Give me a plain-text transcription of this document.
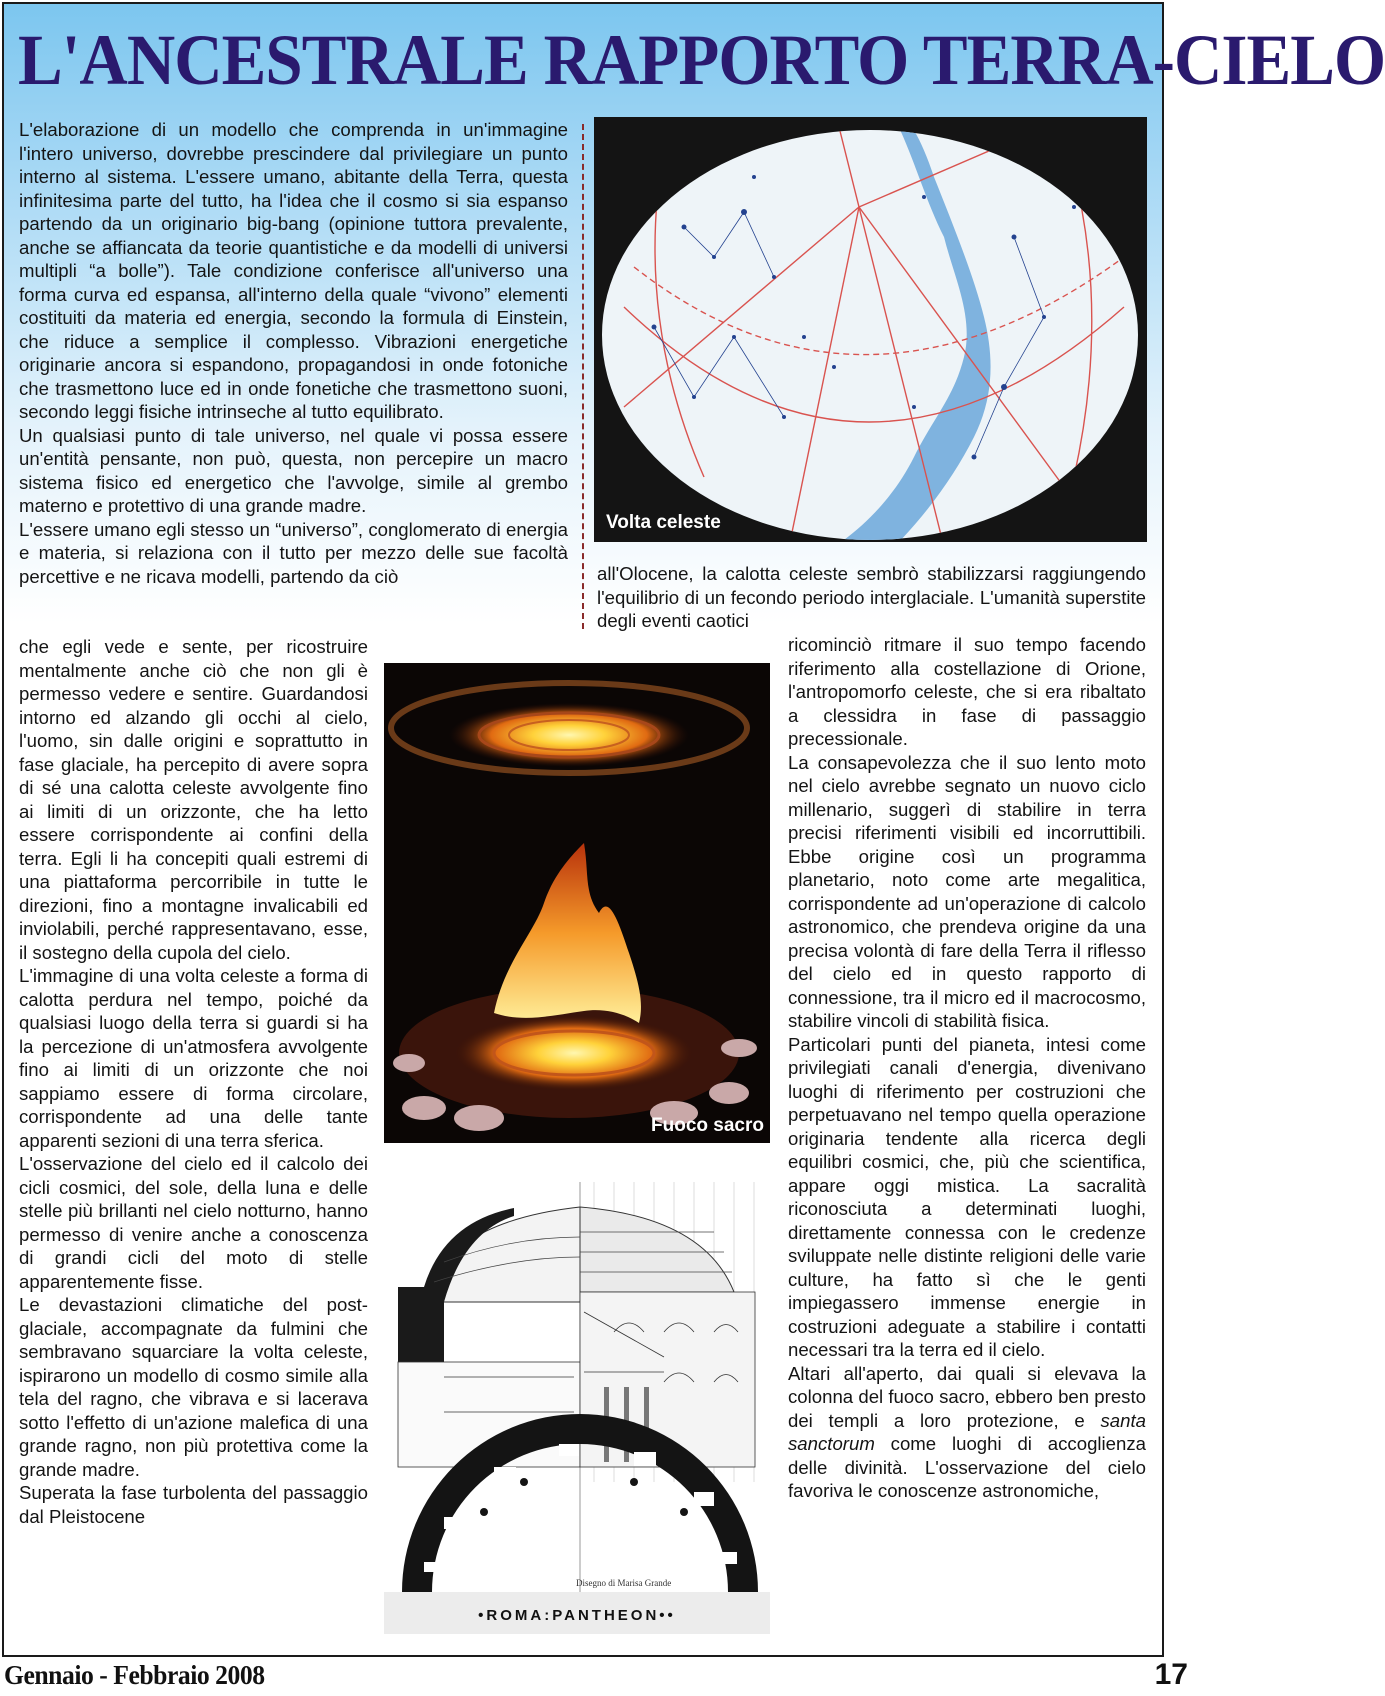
L'ANCESTRALE RAPPORTO TERRA-CIELO

L'elaborazione di un modello che comprenda in un'immagine l'intero universo, dovrebbe prescindere dal privilegiare un punto interno al sistema. L'essere umano, abitante della Terra, questa infinitesima parte del tutto, ha l'idea che il cosmo si sia espanso partendo da un originario big-bang (opinione tuttora prevalente, anche se affiancata da teorie quantistiche e da modelli di universi multipli “a bolle”). Tale condizione conferisce all'universo una forma curva ed espansa, all'interno della quale “vivono” elementi costituiti da materia ed energia, secondo la formula di Einstein, che riduce a semplice il complesso. Vibrazioni energetiche originarie ancora si espandono, propagandosi in onde fotoniche che trasmettono luce ed in onde fonetiche che trasmettono suoni, secondo leggi fisiche intrinseche al tutto equilibrato.

Un qualsiasi punto di tale universo, nel quale vi possa essere un'entità pensante, non può, questa, non percepire un macro sistema fisico ed energetico che l'avvolge, simile al grembo materno e protettivo di una grande madre.

L'essere umano egli stesso un “universo”, conglomerato di energia e materia, si relaziona con il tutto per mezzo delle sue facoltà percettive e ne ricava modelli, partendo da ciò

che egli vede e sente, per ricostruire mentalmente anche ciò che non gli è permesso vedere e sentire. Guardandosi intorno ed alzando gli occhi al cielo, l'uomo, sin dalle origini e soprattutto in fase glaciale, ha percepito di avere sopra di sé una calotta celeste avvolgente fino ai limiti di un orizzonte, che ha letto essere corrispondente ai confini della terra. Egli li ha concepiti quali estremi di una piattaforma percorribile in tutte le direzioni, fino a montagne invalicabili ed inviolabili, perché rappresentavano, esse, il sostegno della cupola del cielo.

L'immagine di una volta celeste a forma di calotta perdura nel tempo, poiché da qualsiasi luogo della terra si guardi si ha la percezione di un'atmosfera avvolgente fino ai limiti di un orizzonte che noi sappiamo essere di forma circolare, corrispondente ad una delle tante apparenti sezioni di una terra sferica.

L'osservazione del cielo ed il calcolo dei cicli cosmici, del sole, della luna e delle stelle più brillanti nel cielo notturno, hanno permesso di venire anche a conoscenza di grandi cicli del moto di stelle apparentemente fisse.

Le devastazioni climatiche del post-glaciale, accompagnate da fulmini che sembravano squarciare la volta celeste, ispirarono un modello di cosmo simile alla tela del ragno, che vibrava e si lacerava sotto l'effetto di un'azione malefica di una grande ragno, non più protettiva come la grande madre.

Superata la fase turbolenta del passaggio dal Pleistocene

Volta celeste

all'Olocene, la calotta celeste sembrò stabilizzarsi raggiungendo l'equilibrio di un fecondo periodo interglaciale. L'umanità superstite degli eventi caotici

Fuoco sacro

ricominciò ritmare il suo tempo facendo riferimento alla costellazione di Orione, l'antropomorfo celeste, che si era ribaltato a clessidra in fase di passaggio precessionale.

La consapevolezza che il suo lento moto nel cielo avrebbe segnato un nuovo ciclo millenario, suggerì di stabilire in terra precisi riferimenti visibili ed incorruttibili. Ebbe origine così un programma planetario, noto come arte megalitica, corrispondente ad un'operazione di calcolo astronomico, che prendeva origine da una precisa volontà di fare della Terra il riflesso del cielo ed in questo rapporto di connessione, tra il micro ed il macrocosmo, stabilire vincoli di stabilità fisica.

Particolari punti del pianeta, intesi come privilegiati canali d'energia, divenivano luoghi di riferimento per costruzioni che perpetuavano nel tempo quella operazione originaria tendente alla ricerca degli equilibri cosmici, che, più che scientifica, appare oggi mistica. La sacralità riconosciuta a determinati luoghi, direttamente connessa con le credenze sviluppate nelle distinte religioni delle varie culture, ha fatto sì che le genti impiegassero immense energie in costruzioni adeguate a stabilire i contatti necessari tra la terra ed il cielo.

Altari all'aperto, dai quali si elevava la colonna del fuoco sacro, ebbero ben presto dei templi a loro protezione, e santa sanctorum come luoghi di accoglienza delle divinità. L'osservazione del cielo favoriva le conoscenze astronomiche,

Disegno di Marisa Grande
•ROMA:PANTHEON••
Gennaio - Febbraio 2008	17
